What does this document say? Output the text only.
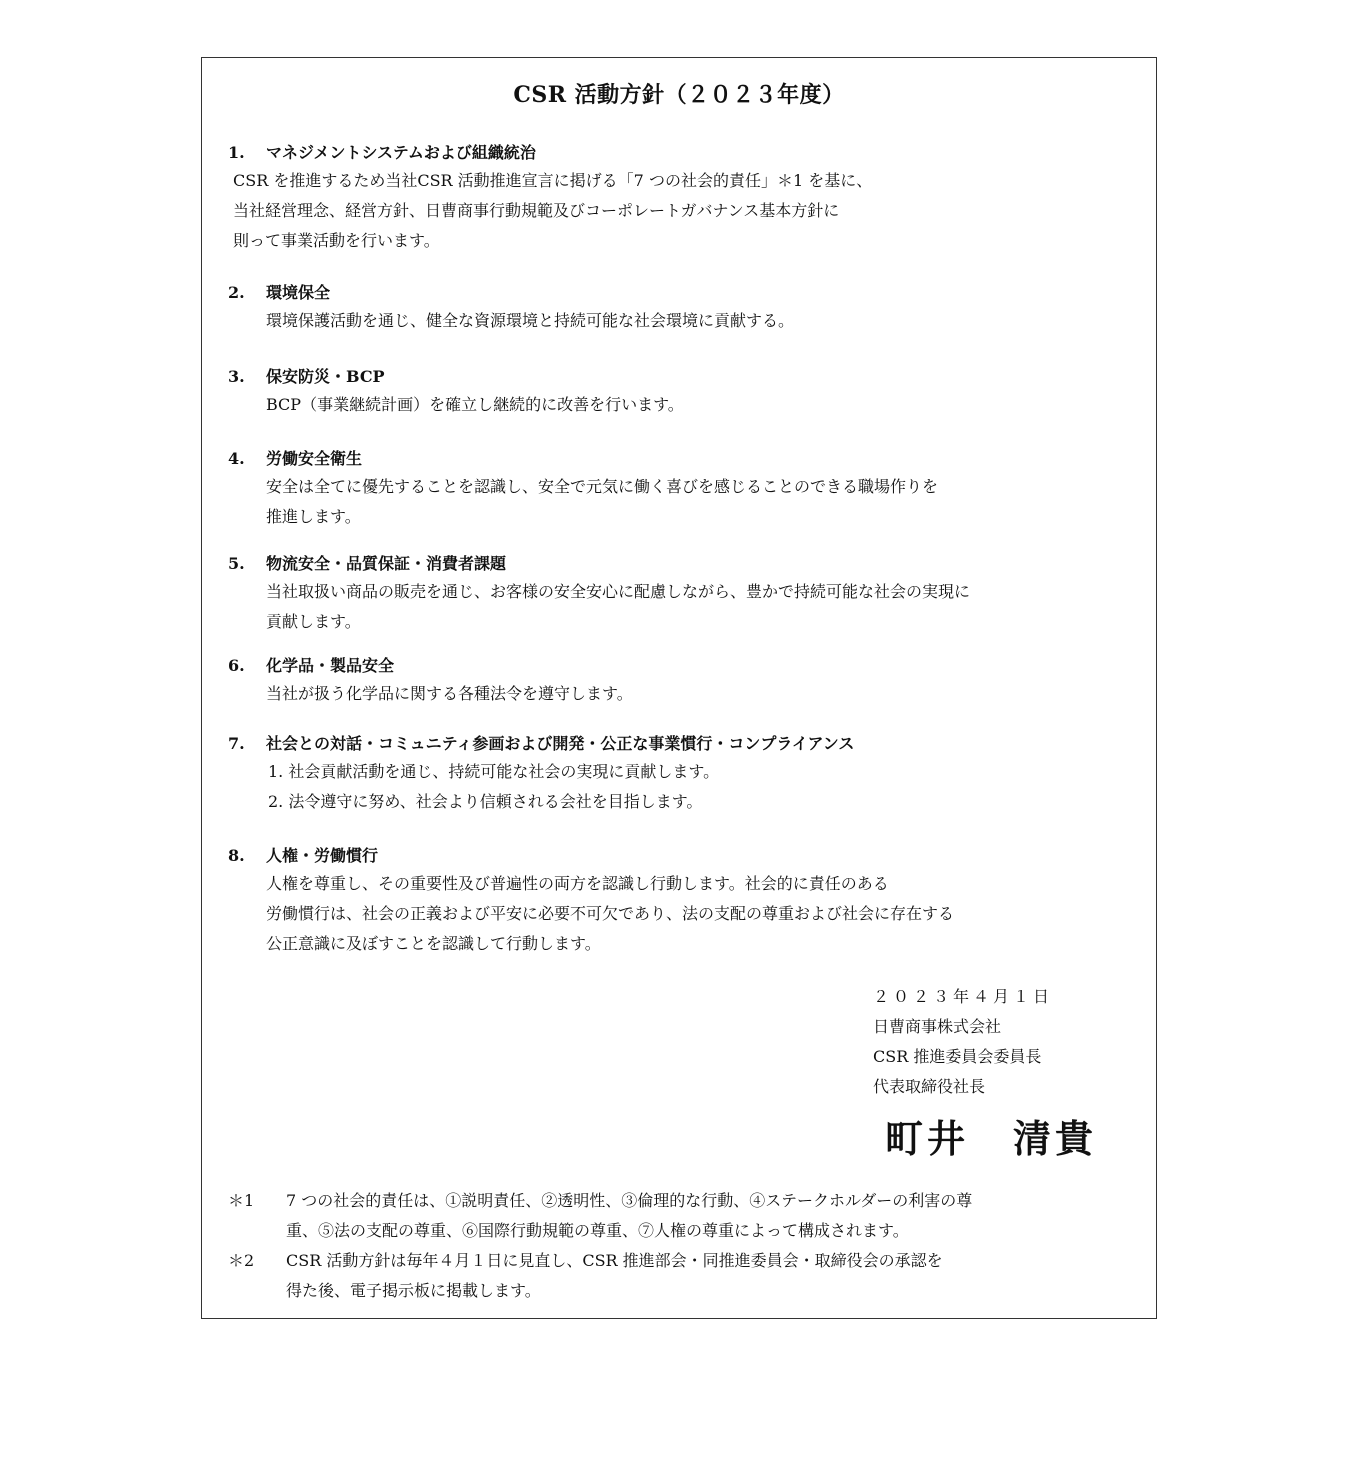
CSR 活動方針（２０２３年度）
1. マネジメントシステムおよび組織統治
CSR を推進するため当社CSR 活動推進宣言に掲げる「7 つの社会的責任」＊1 を基に、
当社経営理念、経営方針、日曹商事行動規範及びコーポレートガバナンス基本方針に
則って事業活動を行います。
2. 環境保全
環境保護活動を通じ、健全な資源環境と持続可能な社会環境に貢献する。
3. 保安防災・BCP
BCP（事業継続計画）を確立し継続的に改善を行います。
4. 労働安全衛生
安全は全てに優先することを認識し、安全で元気に働く喜びを感じることのできる職場作りを
推進します。
5. 物流安全・品質保証・消費者課題
当社取扱い商品の販売を通じ、お客様の安全安心に配慮しながら、豊かで持続可能な社会の実現に
貢献します。
6. 化学品・製品安全
当社が扱う化学品に関する各種法令を遵守します。
7. 社会との対話・コミュニティ参画および開発・公正な事業慣行・コンプライアンス
1. 社会貢献活動を通じ、持続可能な社会の実現に貢献します。
2. 法令遵守に努め、社会より信頼される会社を目指します。
8. 人権・労働慣行
人権を尊重し、その重要性及び普遍性の両方を認識し行動します。社会的に責任のある
労働慣行は、社会の正義および平安に必要不可欠であり、法の支配の尊重および社会に存在する
公正意識に及ぼすことを認識して行動します。
２０２３年４月１日
日曹商事株式会社
CSR 推進委員会委員長
代表取締役社長
町井 清貴
＊1 7 つの社会的責任は、①説明責任、②透明性、③倫理的な行動、④ステークホルダーの利害の尊
重、⑤法の支配の尊重、⑥国際行動規範の尊重、⑦人権の尊重によって構成されます。
＊2 CSR 活動方針は毎年４月１日に見直し、CSR 推進部会・同推進委員会・取締役会の承認を
得た後、電子掲示板に掲載します。
